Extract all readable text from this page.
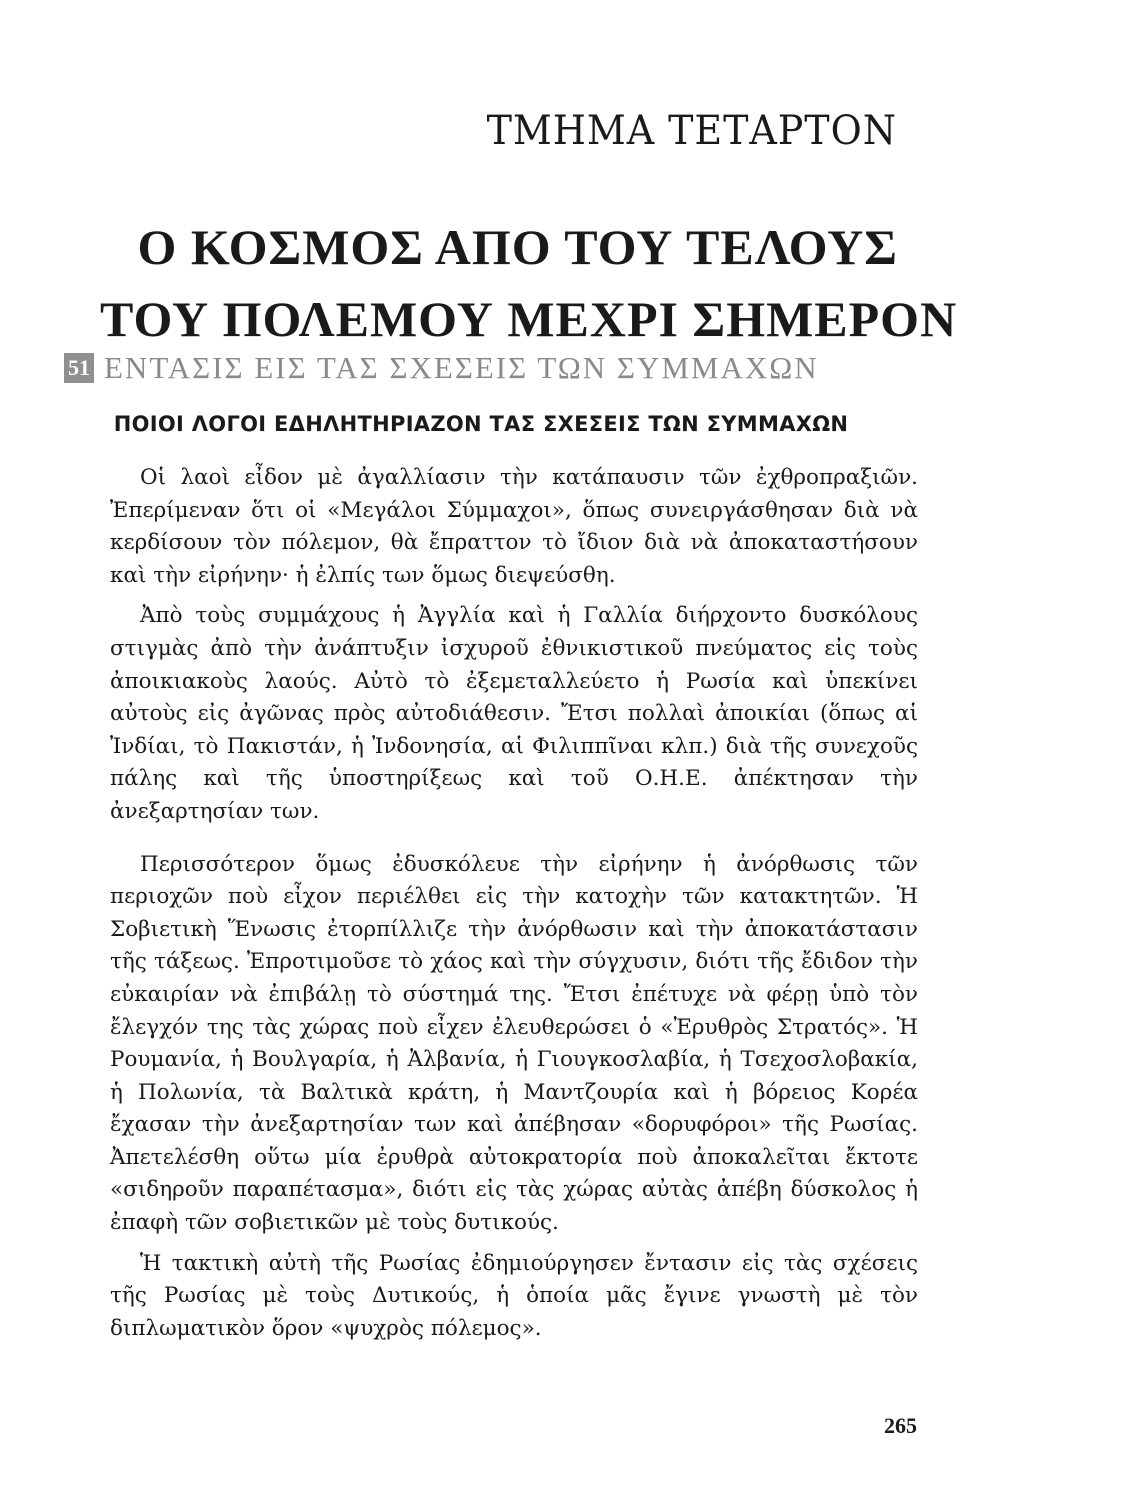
ΤΜΗΜΑ ΤΕΤΑΡΤΟΝ
Ο ΚΟΣΜΟΣ ΑΠΟ ΤΟΥ ΤΕΛΟΥΣ
ΤΟΥ ΠΟΛΕΜΟΥ ΜΕΧΡΙ ΣΗΜΕΡΟΝ
51 ΕΝΤΑΣΙΣ ΕΙΣ ΤΑΣ ΣΧΕΣΕΙΣ ΤΩΝ ΣΥΜΜΑΧΩΝ
ΠΟΙΟΙ ΛΟΓΟΙ ΕΔΗΛΗΤΗΡΙΑΖΟΝ ΤΑΣ ΣΧΕΣΕΙΣ ΤΩΝ ΣΥΜΜΑΧΩΝ

Οἱ λαοὶ εἶδον μὲ ἀγαλλίασιν τὴν κατάπαυσιν τῶν ἐχθροπραξιῶν. Ἐπερίμεναν ὅτι οἱ «Μεγάλοι Σύμμαχοι», ὅπως συνειργάσθησαν διὰ νὰ κερδίσουν τὸν πόλεμον, θὰ ἔπραττον τὸ ἴδιον διὰ νὰ ἀποκαταστήσουν καὶ τὴν εἰρήνην· ἡ ἐλπίς των ὅμως διεψεύσθη.

Ἀπὸ τοὺς συμμάχους ἡ Ἀγγλία καὶ ἡ Γαλλία διήρχοντο δυσκόλους στιγμὰς ἀπὸ τὴν ἀνάπτυξιν ἰσχυροῦ ἐθνικιστικοῦ πνεύματος εἰς τοὺς ἀποικιακοὺς λαούς. Αὐτὸ τὸ ἐξεμεταλλεύετο ἡ Ρωσία καὶ ὑπεκίνει αὐτοὺς εἰς ἀγῶνας πρὸς αὐτοδιάθεσιν. Ἔτσι πολλαὶ ἀποικίαι (ὅπως αἱ Ἰνδίαι, τὸ Πακιστάν, ἡ Ἰνδονησία, αἱ Φιλιππῖναι κλπ.) διὰ τῆς συνεχοῦς πάλης καὶ τῆς ὑποστηρίξεως καὶ τοῦ Ο.Η.Ε. ἀπέκτησαν τὴν ἀνεξαρτησίαν των.

Περισσότερον ὅμως ἐδυσκόλευε τὴν εἰρήνην ἡ ἀνόρθωσις τῶν περιοχῶν ποὺ εἶχον περιέλθει εἰς τὴν κατοχὴν τῶν κατακτητῶν. Ἡ Σοβιετικὴ Ἕνωσις ἐτορπίλλιζε τὴν ἀνόρθωσιν καὶ τὴν ἀποκατάστασιν τῆς τάξεως. Ἐπροτιμοῦσε τὸ χάος καὶ τὴν σύγχυσιν, διότι τῆς ἔδιδον τὴν εὐκαιρίαν νὰ ἐπιβάλῃ τὸ σύστημά της. Ἔτσι ἐπέτυχε νὰ φέρῃ ὑπὸ τὸν ἔλεγχόν της τὰς χώρας ποὺ εἶχεν ἐλευθερώσει ὁ «Ἐρυθρὸς Στρατός». Ἡ Ρουμανία, ἡ Βουλγαρία, ἡ Ἀλβανία, ἡ Γιουγκοσλαβία, ἡ Τσεχοσλοβακία, ἡ Πολωνία, τὰ Βαλτικὰ κράτη, ἡ Μαντζουρία καὶ ἡ βόρειος Κορέα ἔχασαν τὴν ἀνεξαρτησίαν των καὶ ἀπέβησαν «δορυφόροι» τῆς Ρωσίας. Ἀπετελέσθη οὕτω μία ἐρυθρὰ αὐτοκρατορία ποὺ ἀποκαλεῖται ἔκτοτε «σιδηροῦν παραπέτασμα», διότι εἰς τὰς χώρας αὐτὰς ἀπέβη δύσκολος ἡ ἐπαφὴ τῶν σοβιετικῶν μὲ τοὺς δυτικούς.

Ἡ τακτικὴ αὐτὴ τῆς Ρωσίας ἐδημιούργησεν ἔντασιν εἰς τὰς σχέσεις τῆς Ρωσίας μὲ τοὺς Δυτικούς, ἡ ὁποία μᾶς ἔγινε γνωστὴ μὲ τὸν διπλωματικὸν ὅρον «ψυχρὸς πόλεμος».

265
